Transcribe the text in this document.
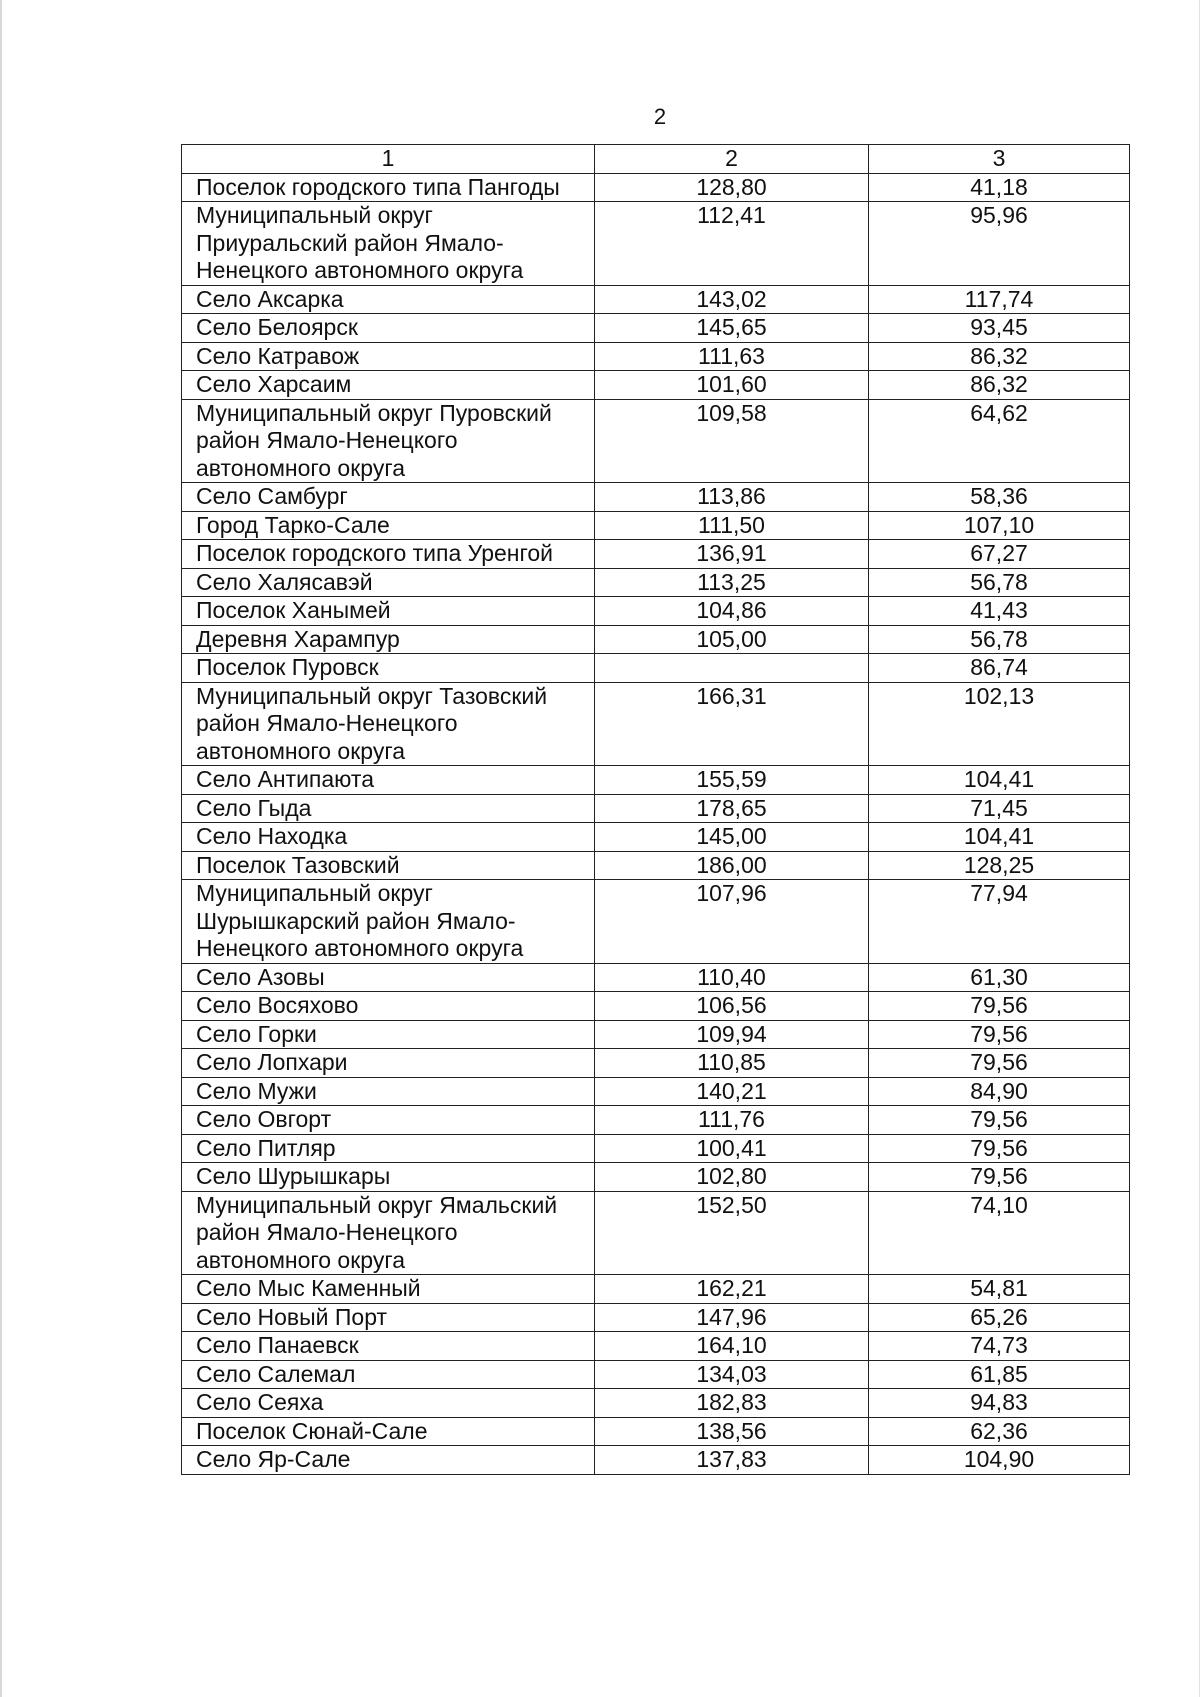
2
1	2	3
Поселок городского типа Пангоды	128,80	41,18
Муниципальный округ Приуральский район Ямало-Ненецкого автономного округа	112,41	95,96
Село Аксарка	143,02	117,74
Село Белоярск	145,65	93,45
Село Катравож	111,63	86,32
Село Харсаим	101,60	86,32
Муниципальный округ Пуровский район Ямало-Ненецкого автономного округа	109,58	64,62
Село Самбург	113,86	58,36
Город Тарко-Сале	111,50	107,10
Поселок городского типа Уренгой	136,91	67,27
Село Халясавэй	113,25	56,78
Поселок Ханымей	104,86	41,43
Деревня Харампур	105,00	56,78
Поселок Пуровск		86,74
Муниципальный округ Тазовский район Ямало-Ненецкого автономного округа	166,31	102,13
Село Антипаюта	155,59	104,41
Село Гыда	178,65	71,45
Село Находка	145,00	104,41
Поселок Тазовский	186,00	128,25
Муниципальный округ Шурышкарский район Ямало-Ненецкого автономного округа	107,96	77,94
Село Азовы	110,40	61,30
Село Восяхово	106,56	79,56
Село Горки	109,94	79,56
Село Лопхари	110,85	79,56
Село Мужи	140,21	84,90
Село Овгорт	111,76	79,56
Село Питляр	100,41	79,56
Село Шурышкары	102,80	79,56
Муниципальный округ Ямальский район Ямало-Ненецкого автономного округа	152,50	74,10
Село Мыс Каменный	162,21	54,81
Село Новый Порт	147,96	65,26
Село Панаевск	164,10	74,73
Село Салемал	134,03	61,85
Село Сеяха	182,83	94,83
Поселок Сюнай-Сале	138,56	62,36
Село Яр-Сале	137,83	104,90
